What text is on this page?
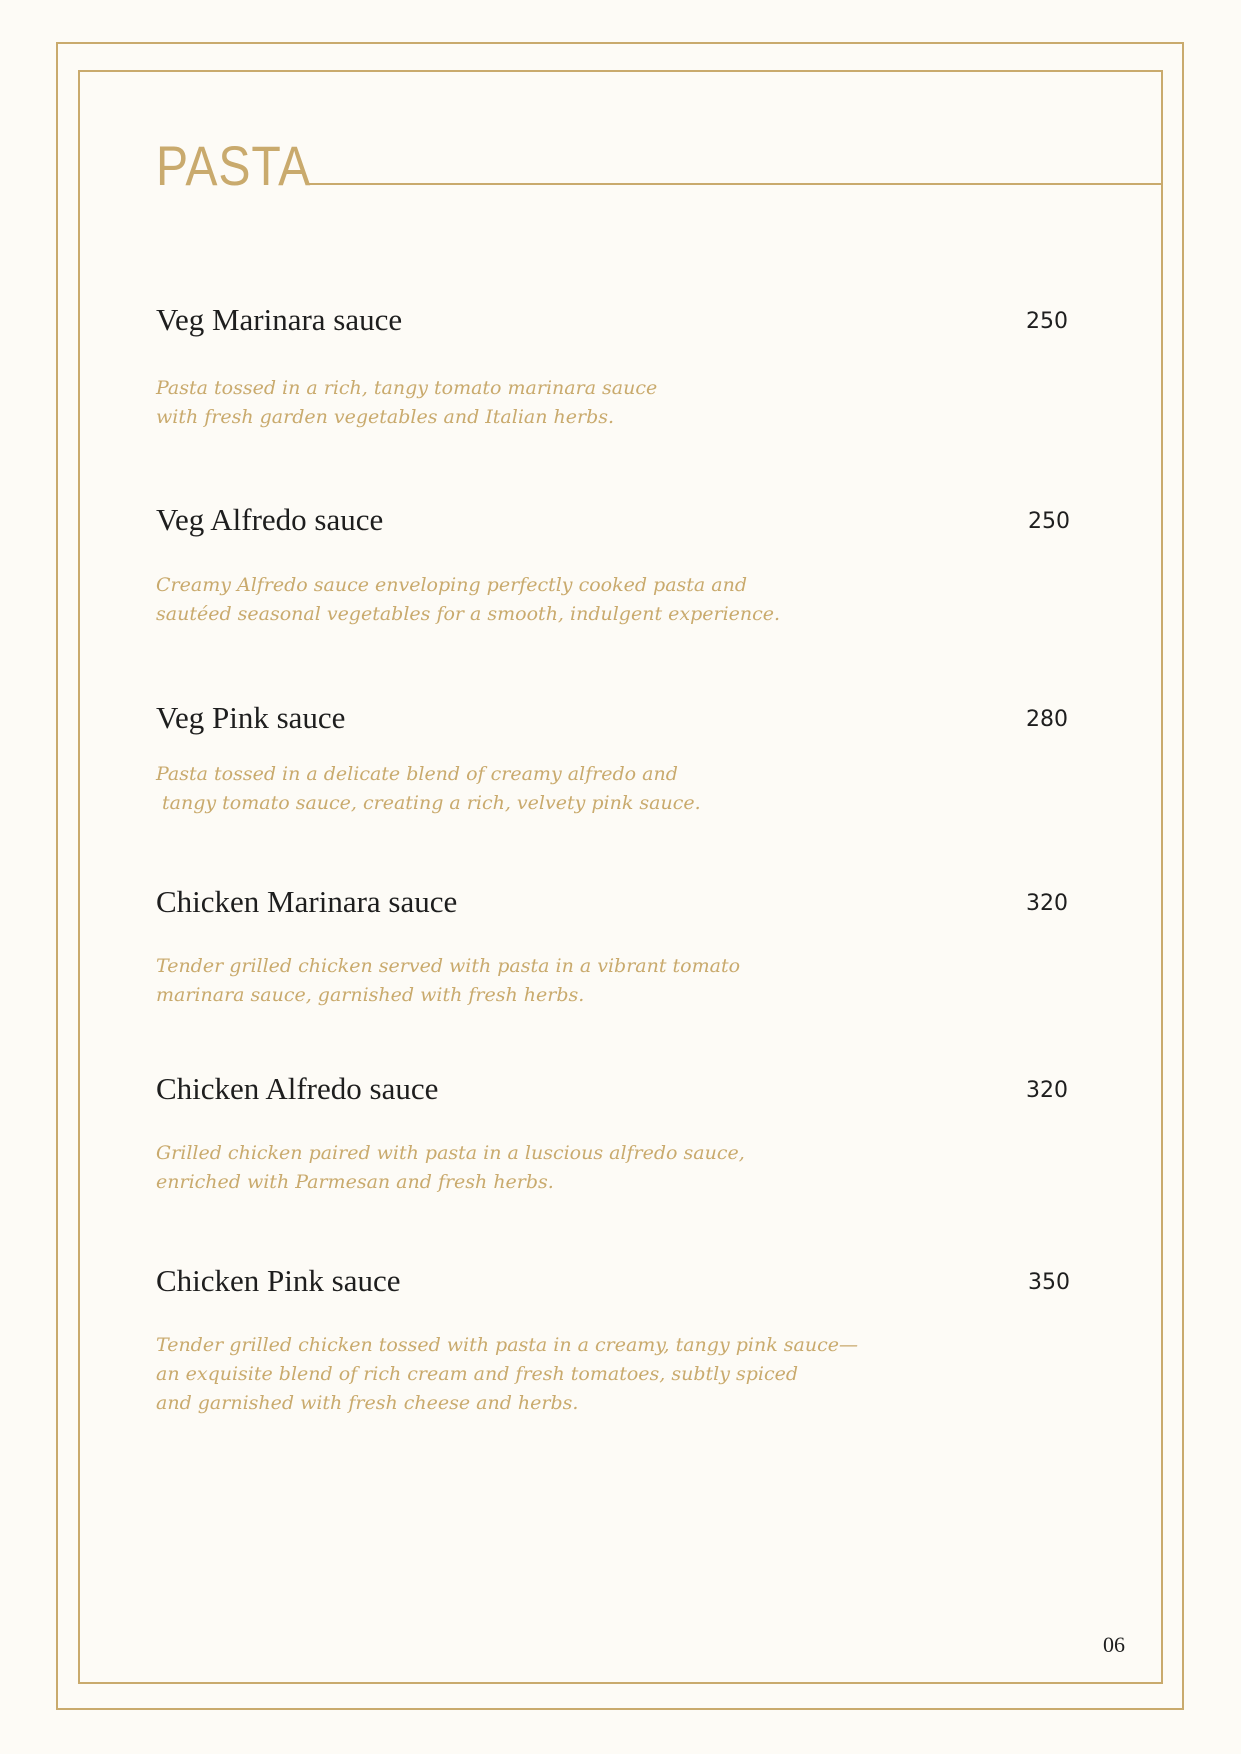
PASTA
Veg Marinara sauce	250
Pasta tossed in a rich, tangy tomato marinara sauce
with fresh garden vegetables and Italian herbs.
Veg Alfredo sauce	250
Creamy Alfredo sauce enveloping perfectly cooked pasta and
sautéed seasonal vegetables for a smooth, indulgent experience.
Veg Pink sauce	280
Pasta tossed in a delicate blend of creamy alfredo and
tangy tomato sauce, creating a rich, velvety pink sauce.
Chicken Marinara sauce	320
Tender grilled chicken served with pasta in a vibrant tomato
marinara sauce, garnished with fresh herbs.
Chicken Alfredo sauce	320
Grilled chicken paired with pasta in a luscious alfredo sauce,
enriched with Parmesan and fresh herbs.
Chicken Pink sauce	350
Tender grilled chicken tossed with pasta in a creamy, tangy pink sauce—
an exquisite blend of rich cream and fresh tomatoes, subtly spiced
and garnished with fresh cheese and herbs.
06
